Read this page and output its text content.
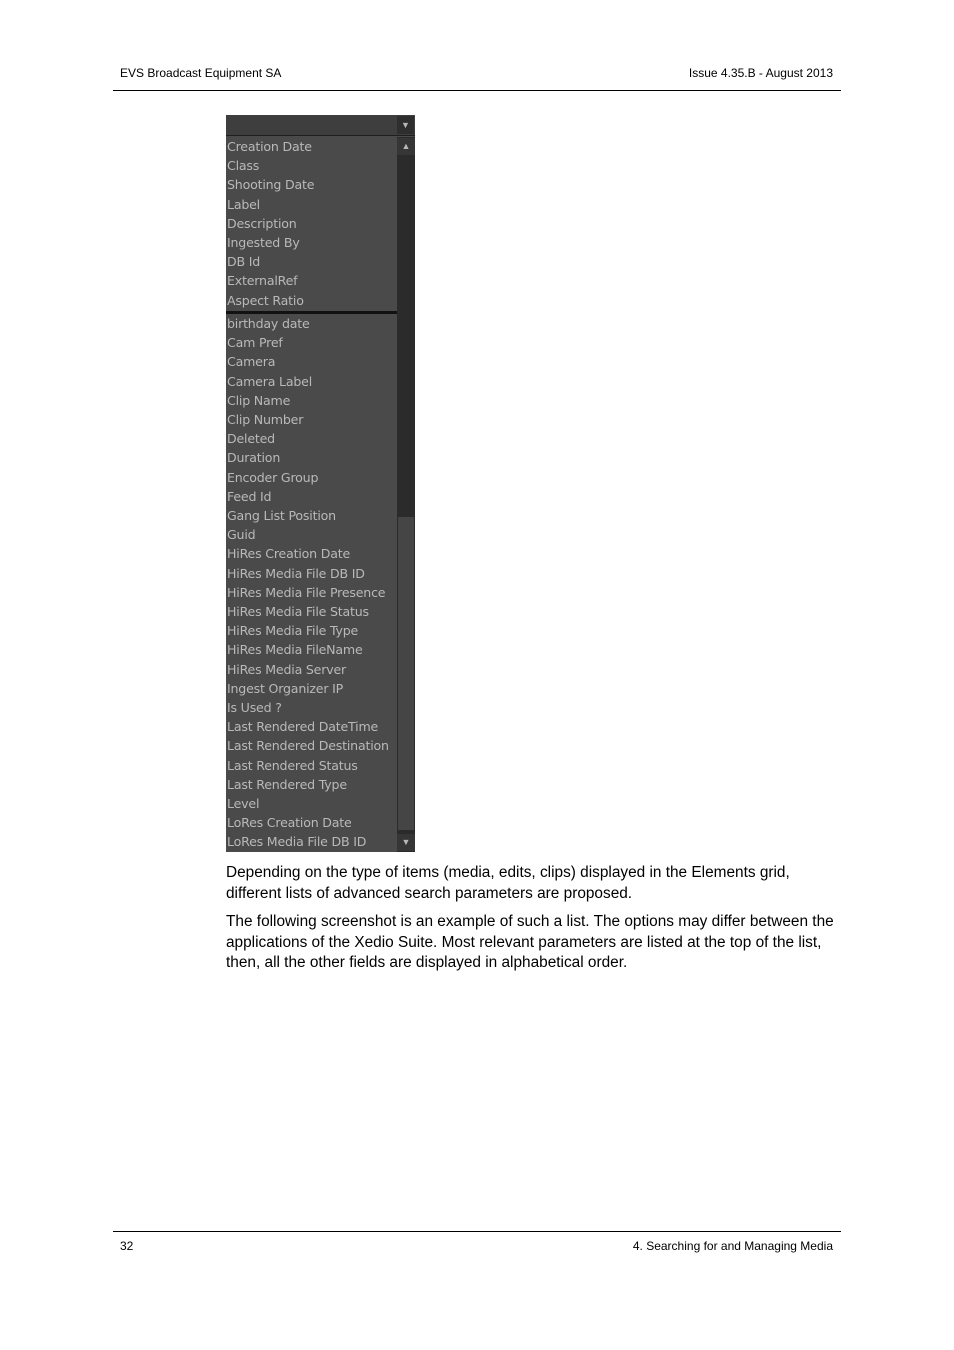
EVS Broadcast Equipment SA	Issue 4.35.B - August 2013
▼
Creation Date
Class
Shooting Date
Label
Description
Ingested By
DB Id
ExternalRef
Aspect Ratio
birthday date
Cam Pref
Camera
Camera Label
Clip Name
Clip Number
Deleted
Duration
Encoder Group
Feed Id
Gang List Position
Guid
HiRes Creation Date
HiRes Media File DB ID
HiRes Media File Presence
HiRes Media File Status
HiRes Media File Type
HiRes Media FileName
HiRes Media Server
Ingest Organizer IP
Is Used ?
Last Rendered DateTime
Last Rendered Destination
Last Rendered Status
Last Rendered Type
Level
LoRes Creation Date
LoRes Media File DB ID
▲
▼

Depending on the type of items (media, edits, clips) displayed in the Elements grid, different lists of advanced search parameters are proposed.

The following screenshot is an example of such a list. The options may differ between the applications of the Xedio Suite. Most relevant parameters are listed at the top of the list, then, all the other fields are displayed in alphabetical order.

32	4. Searching for and Managing Media
